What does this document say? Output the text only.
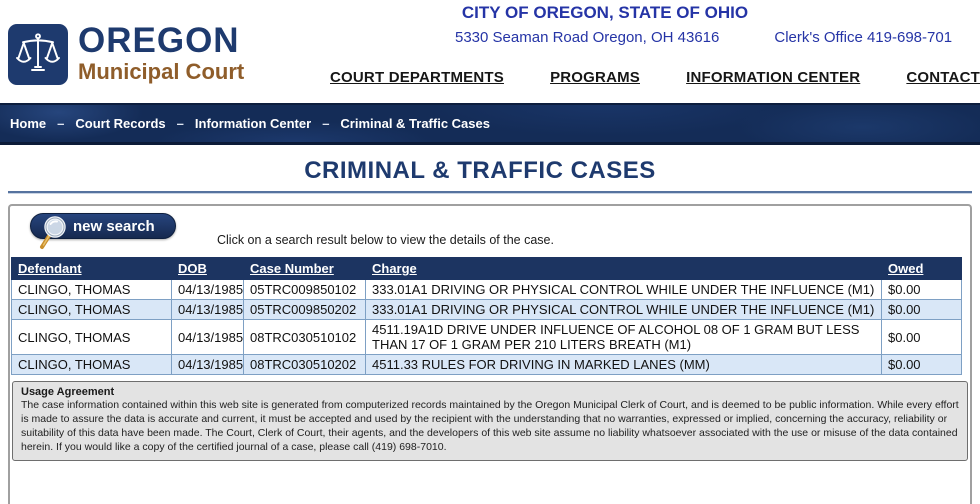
OREGON
Municipal Court
CITY OF OREGON, STATE OF OHIO
5330 Seaman Road Oregon, OH 43616	Clerk's Office 419-698-701
COURT DEPARTMENTS	PROGRAMS	INFORMATION CENTER	CONTACT
Home – Court Records – Information Center – Criminal & Traffic Cases
CRIMINAL & TRAFFIC CASES
new search
Click on a search result below to view the details of the case.
Defendant	DOB	Case Number	Charge	Owed
CLINGO, THOMAS	04/13/1985	05TRC009850102	333.01A1 DRIVING OR PHYSICAL CONTROL WHILE UNDER THE INFLUENCE (M1)	$0.00
CLINGO, THOMAS	04/13/1985	05TRC009850202	333.01A1 DRIVING OR PHYSICAL CONTROL WHILE UNDER THE INFLUENCE (M1)	$0.00
CLINGO, THOMAS	04/13/1985	08TRC030510102	4511.19A1D DRIVE UNDER INFLUENCE OF ALCOHOL 08 OF 1 GRAM BUT LESS THAN 17 OF 1 GRAM PER 210 LITERS BREATH (M1)	$0.00
CLINGO, THOMAS	04/13/1985	08TRC030510202	4511.33 RULES FOR DRIVING IN MARKED LANES (MM)	$0.00
Usage Agreement
The case information contained within this web site is generated from computerized records maintained by the Oregon Municipal Clerk of Court, and is deemed to be public information. While every effort is made to assure the data is accurate and current, it must be accepted and used by the recipient with the understanding that no warranties, expressed or implied, concerning the accuracy, reliability or suitability of this data have been made. The Court, Clerk of Court, their agents, and the developers of this web site assume no liability whatsoever associated with the use or misuse of the data contained herein. If you would like a copy of the certified journal of a case, please call (419) 698-7010.
